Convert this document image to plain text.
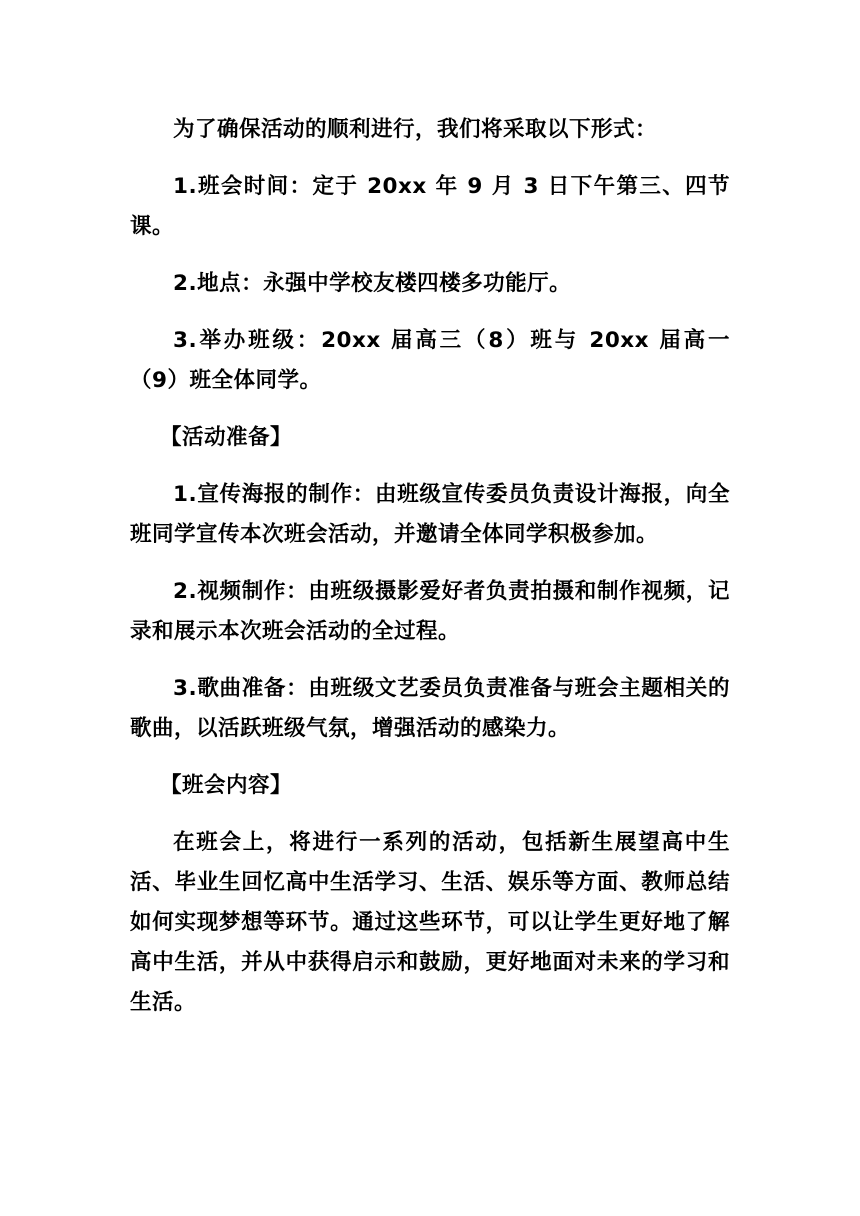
为了确保活动的顺利进行，我们将采取以下形式：

1.班会时间：定于 20xx 年 9 月 3 日下午第三、四节课。

2.地点：永强中学校友楼四楼多功能厅。

3.举办班级：20xx 届高三（8）班与 20xx 届高一（9）班全体同学。

【活动准备】

1.宣传海报的制作：由班级宣传委员负责设计海报，向全班同学宣传本次班会活动，并邀请全体同学积极参加。

2.视频制作：由班级摄影爱好者负责拍摄和制作视频，记录和展示本次班会活动的全过程。

3.歌曲准备：由班级文艺委员负责准备与班会主题相关的歌曲，以活跃班级气氛，增强活动的感染力。

【班会内容】

在班会上，将进行一系列的活动，包括新生展望高中生活、毕业生回忆高中生活学习、生活、娱乐等方面、教师总结如何实现梦想等环节。通过这些环节，可以让学生更好地了解高中生活，并从中获得启示和鼓励，更好地面对未来的学习和生活。
